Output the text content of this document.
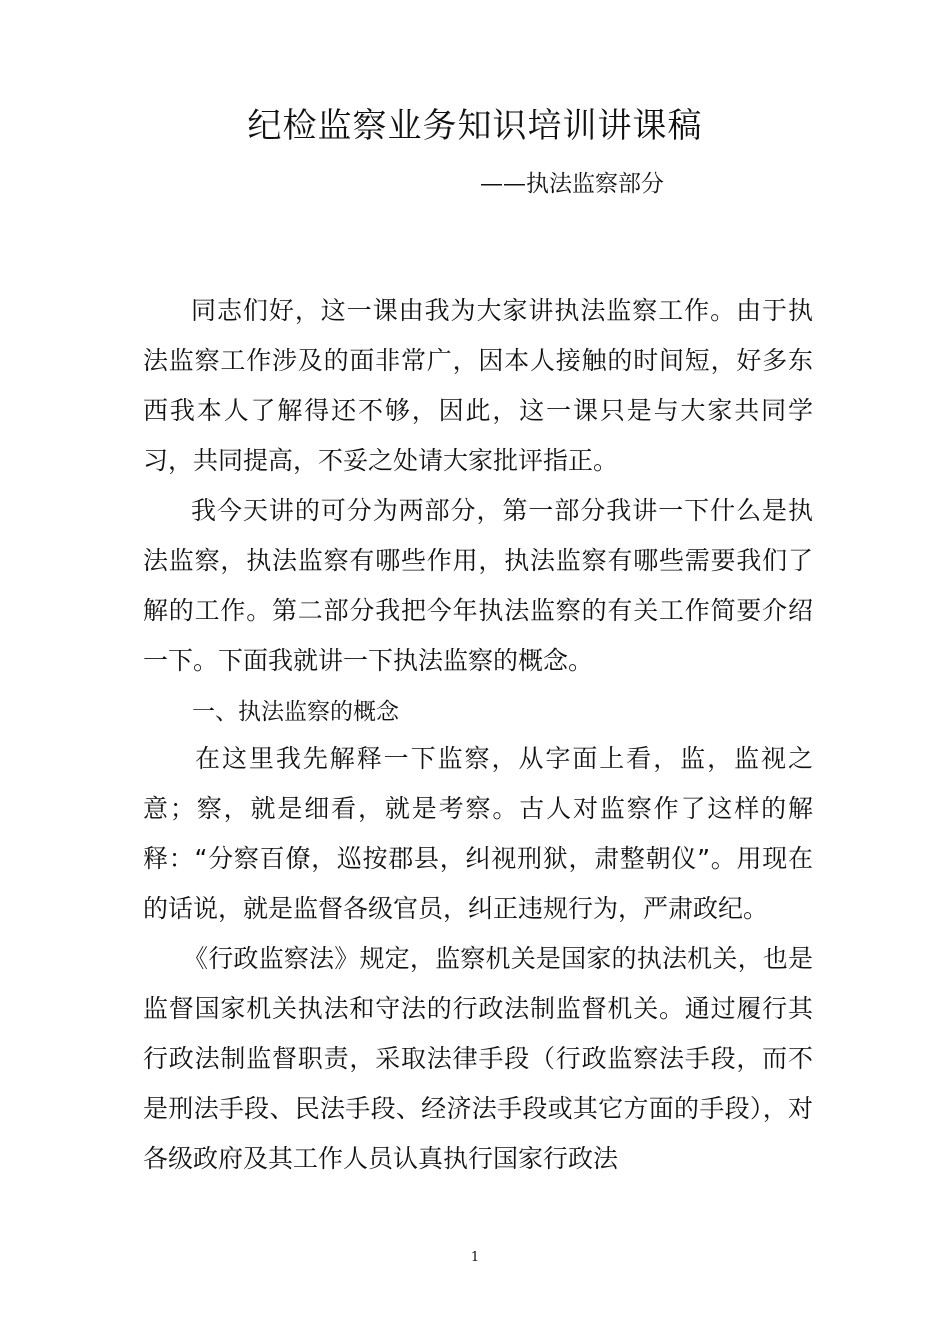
纪检监察业务知识培训讲课稿

——执法监察部分

同志们好，这一课由我为大家讲执法监察工作。由于执法监察工作涉及的面非常广，因本人接触的时间短，好多东西我本人了解得还不够，因此，这一课只是与大家共同学习，共同提高，不妥之处请大家批评指正。

我今天讲的可分为两部分，第一部分我讲一下什么是执法监察，执法监察有哪些作用，执法监察有哪些需要我们了解的工作。第二部分我把今年执法监察的有关工作简要介绍一下。下面我就讲一下执法监察的概念。

一、执法监察的概念

在这里我先解释一下监察，从字面上看，监，监视之意；察，就是细看，就是考察。古人对监察作了这样的解释：“分察百僚，巡按郡县，纠视刑狱，肃整朝仪”。用现在的话说，就是监督各级官员，纠正违规行为，严肃政纪。

《行政监察法》规定，监察机关是国家的执法机关，也是监督国家机关执法和守法的行政法制监督机关。通过履行其行政法制监督职责，采取法律手段（行政监察法手段，而不是刑法手段、民法手段、经济法手段或其它方面的手段），对各级政府及其工作人员认真执行国家行政法

1
